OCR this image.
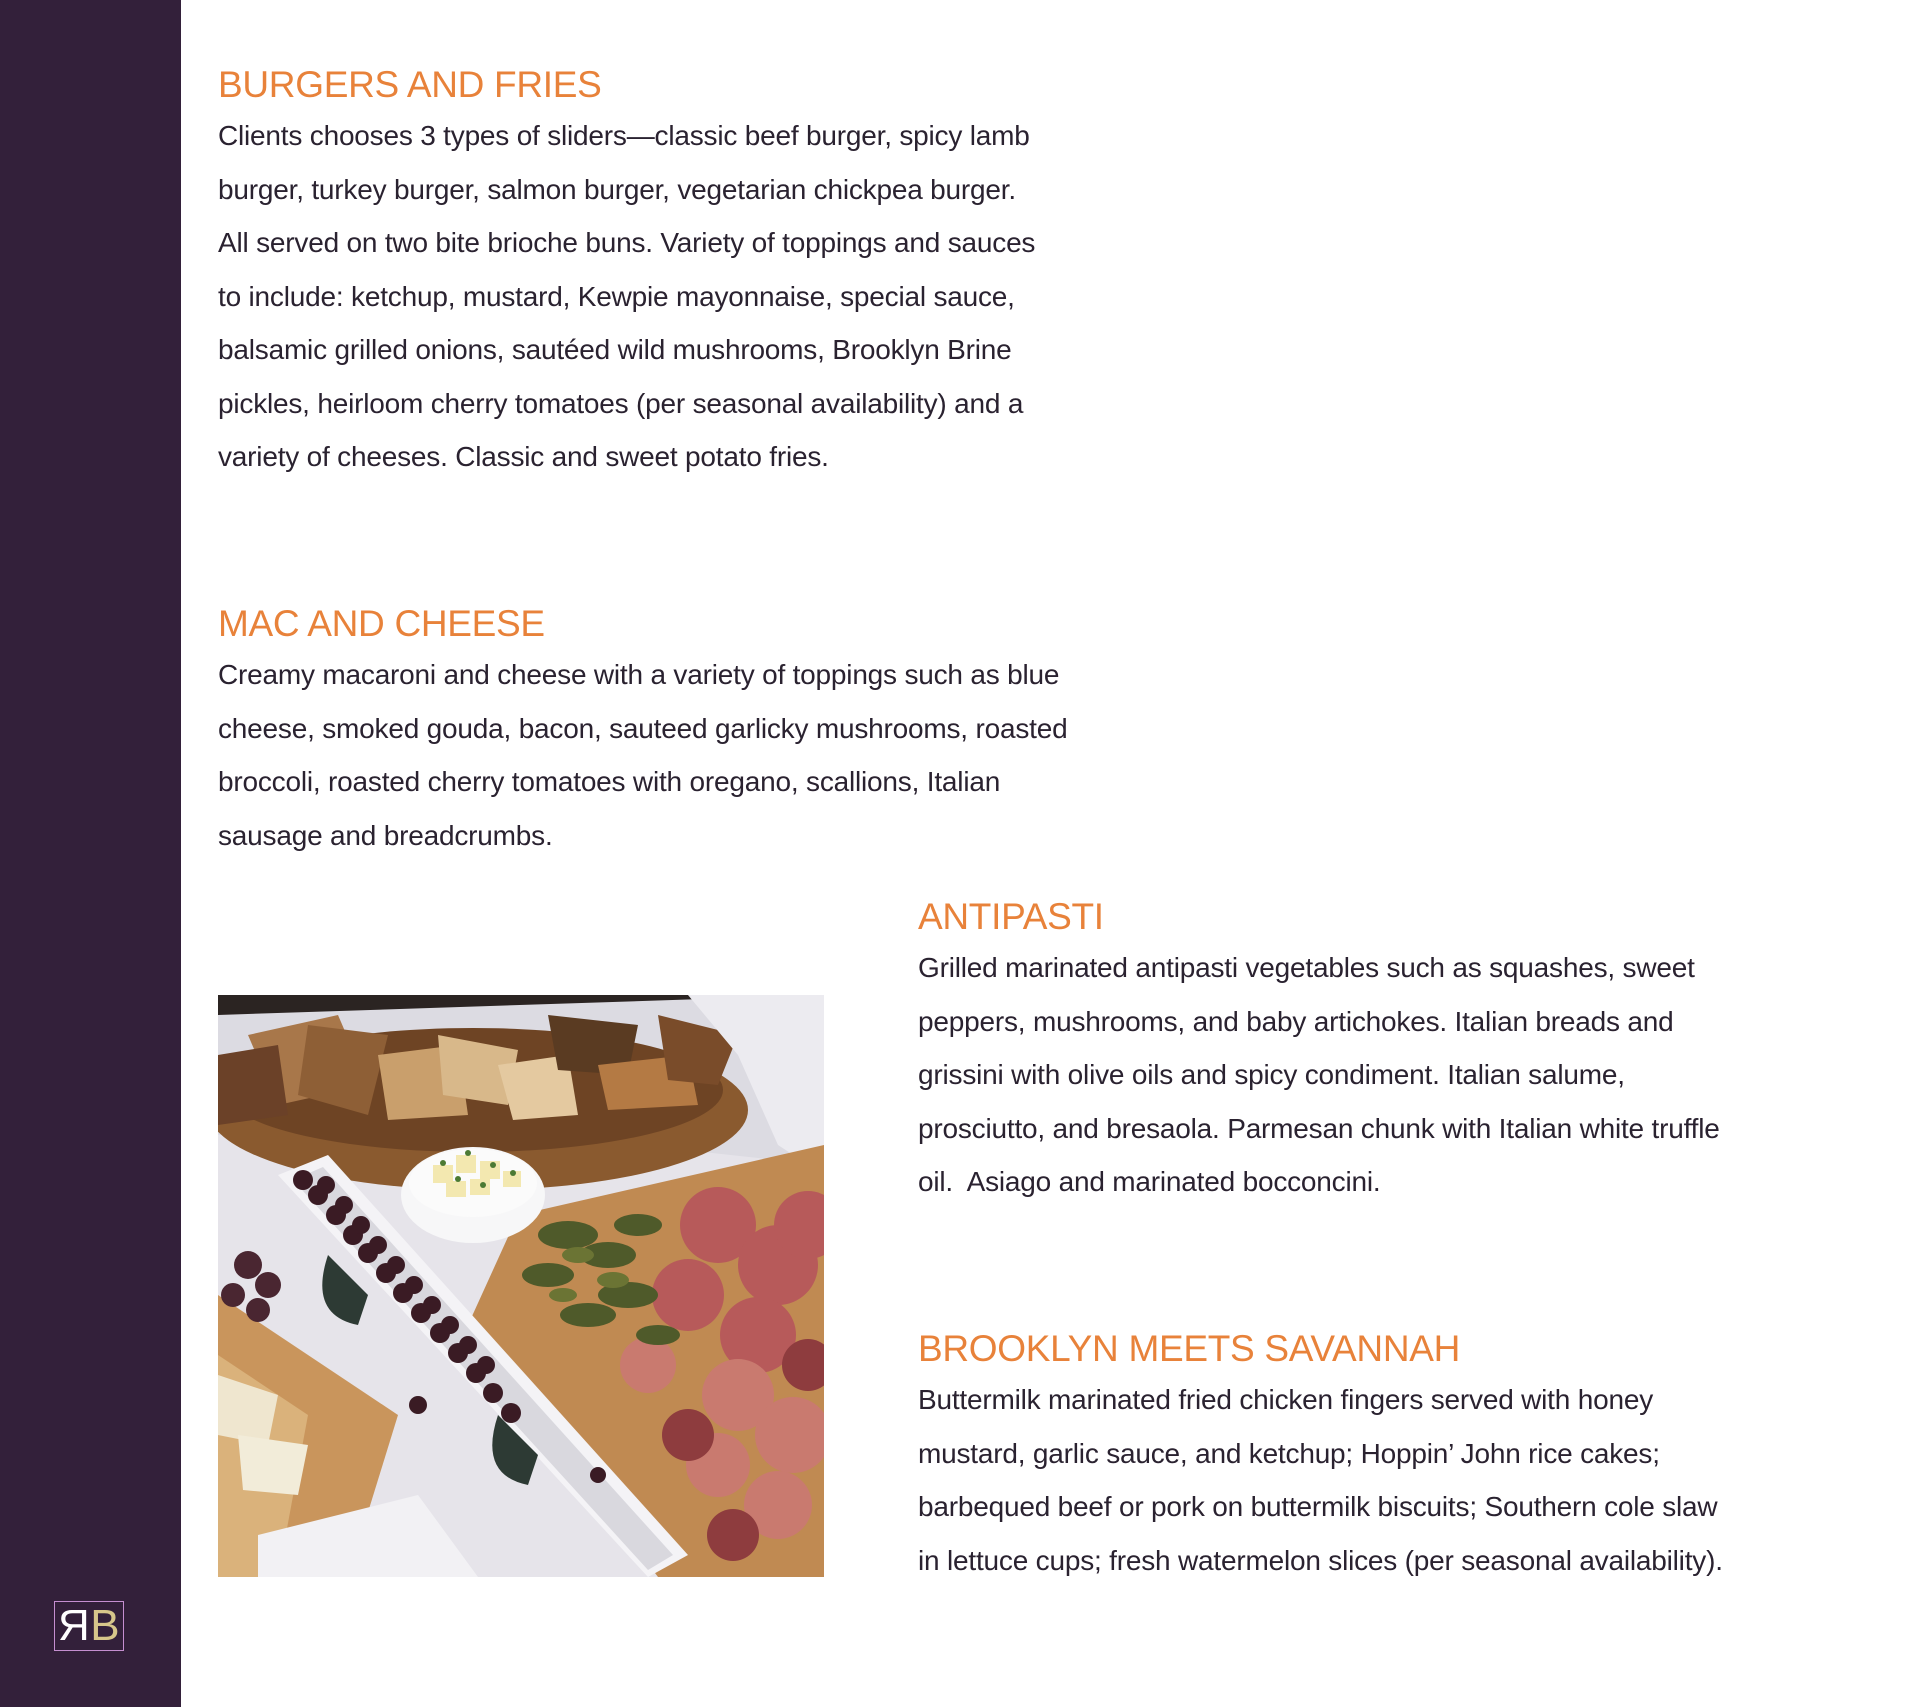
R B
BURGERS AND FRIES

Clients chooses 3 types of sliders—classic beef burger, spicy lamb
burger, turkey burger, salmon burger, vegetarian chickpea burger.
All served on two bite brioche buns. Variety of toppings and sauces
to include: ketchup, mustard, Kewpie mayonnaise, special sauce,
balsamic grilled onions, sautéed wild mushrooms, Brooklyn Brine
pickles, heirloom cherry tomatoes (per seasonal availability) and a
variety of cheeses. Classic and sweet potato fries.

MAC AND CHEESE

Creamy macaroni and cheese with a variety of toppings such as blue
cheese, smoked gouda, bacon, sauteed garlicky mushrooms, roasted
broccoli, roasted cherry tomatoes with oregano, scallions, Italian
sausage and breadcrumbs.

ANTIPASTI

Grilled marinated antipasti vegetables such as squashes, sweet
peppers, mushrooms, and baby artichokes. Italian breads and
grissini with olive oils and spicy condiment. Italian salume,
prosciutto, and bresaola. Parmesan chunk with Italian white truffle
oil.  Asiago and marinated bocconcini.

BROOKLYN MEETS SAVANNAH

Buttermilk marinated fried chicken fingers served with honey
mustard, garlic sauce, and ketchup; Hoppin’ John rice cakes;
barbequed beef or pork on buttermilk biscuits; Southern cole slaw
in lettuce cups; fresh watermelon slices (per seasonal availability).
